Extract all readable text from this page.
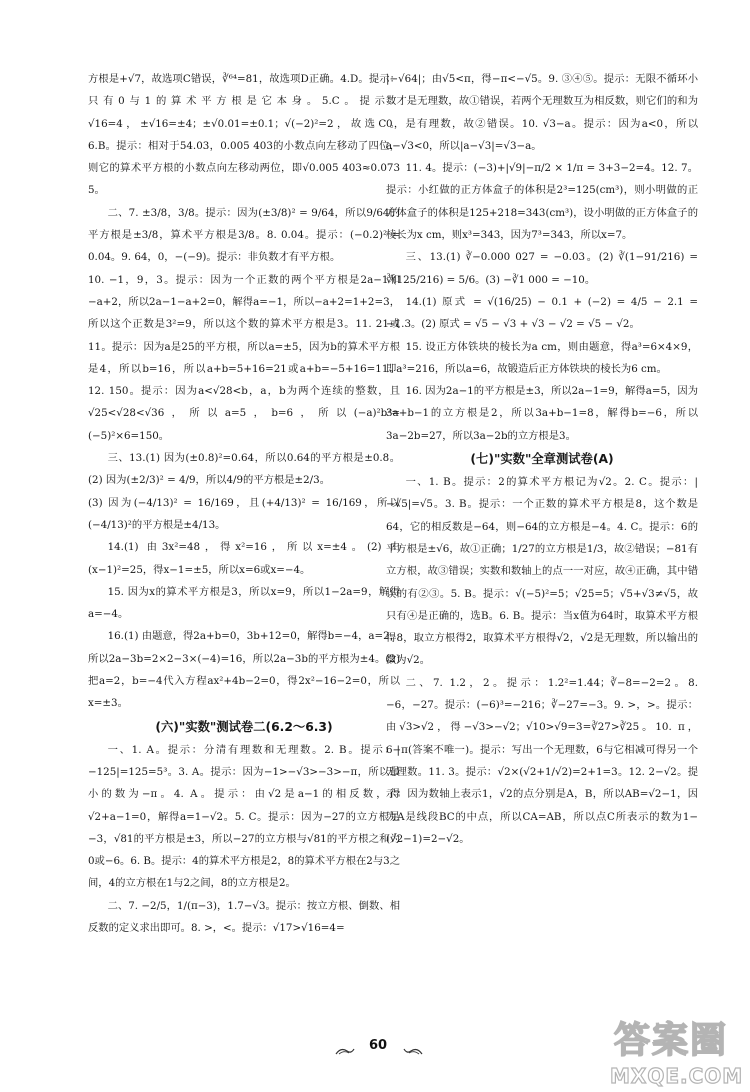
方根是+√7，故选项C错误，∛⁶⁴=81，故选项D正确。4.D。提示：只有0与1的算术平方根是它本身。5.C。提示：√16=4，±√16=±4；±√0.01=±0.1；√(−2)²=2，故选C。6.B。提示：相对于54.03，0.005 403的小数点向左移动了四位，则它的算术平方根的小数点向左移动两位，即√0.005 403≈0.073 5。

二、7. ±3/8，3/8。提示：因为(±3/8)² = 9/64，所以9/64的平方根是±3/8，算术平方根是3/8。8. 0.04。提示：(−0.2)² = 0.04。9. 64，0，−(−9)。提示：非负数才有平方根。

10. −1，9，3。提示：因为一个正数的两个平方根是2a−1和−a+2，所以2a−1−a+2=0，解得a=−1，所以−a+2=1+2=3，所以这个正数是3²=9，所以这个数的算术平方根是3。11. 21或11。提示：因为a是25的平方根，所以a=±5，因为b的算术平方根是4，所以b=16，所以a+b=5+16=21或a+b=−5+16=11。12. 150。提示：因为a<√28<b，a，b为两个连续的整数，且√25<√28<√36，所以a=5，b=6，所以(−a)²b²=(−5)²×6=150。

三、13.(1) 因为(±0.8)²=0.64，所以0.64的平方根是±0.8。(2) 因为(±2/3)² = 4/9，所以4/9的平方根是±2/3。

(3) 因为(−4/13)² = 16/169，且(+4/13)² = 16/169，所以(−4/13)²的平方根是±4/13。

14.(1) 由3x²=48，得x²=16，所以x=±4。(2) 由(x−1)²=25，得x−1=±5，所以x=6或x=−4。

15. 因为x的算术平方根是3，所以x=9，所以1−2a=9，解得a=−4。

16.(1) 由题意，得2a+b=0，3b+12=0，解得b=−4，a=2，所以2a−3b=2×2−3×(−4)=16，所以2a−3b的平方根为±4。(2) 把a=2，b=−4代入方程ax²+4b−2=0，得2x²−16−2=0，所以x=±3。

(六)"实数"测试卷二(6.2～6.3)

一、1. A。提示：分清有理数和无理数。2. B。提示：|−125|=125=5³。3. A。提示：因为−1>−√3>−3>−π，所以最小的数为−π。4. A。提示：由√2是a−1的相反数，得√2+a−1=0，解得a=1−√2。5. C。提示：因为−27的立方根是−3，√81的平方根是±3，所以−27的立方根与√81的平方根之和为0或−6。6. B。提示：4的算术平方根是2，8的算术平方根在2与3之间，4的立方根在1与2之间，8的立方根是2。

二、7. −2/5，1/(π−3)，1.7−√3。提示：按立方根、倒数、相反数的定义求出即可。8. >，<。提示：√17>√16=4=

|−√64|；由√5<π，得−π<−√5。9. ③④⑤。提示：无限不循环小数才是无理数，故①错误，若两个无理数互为相反数，则它们的和为0，是有理数，故②错误。10. √3−a。提示：因为a<0，所以a−√3<0，所以|a−√3|=√3−a。

11. 4。提示：(−3)+|√9|−π/2 × 1/π = 3+3−2=4。12. 7。提示：小红做的正方体盒子的体积是2³=125(cm³)，则小明做的正方体盒子的体积是125+218=343(cm³)，设小明做的正方体盒子的棱长为x cm，则x³=343，因为7³=343，所以x=7。

三、13.(1) ∛−0.000 027 = −0.03。(2) ∛(1−91/216) = ∛(125/216) = 5/6。(3) −∛1 000 = −10。

14.(1) 原式 = √(16/25) − 0.1 + (−2) = 4/5 − 2.1 = −1.3。(2) 原式 = √5 − √3 + √3 − √2 = √5 − √2。

15. 设正方体铁块的棱长为a cm，则由题意，得a³=6×4×9，即a³=216，所以a=6，故锻造后正方体铁块的棱长为6 cm。

16. 因为2a−1的平方根是±3，所以2a−1=9，解得a=5，因为3a+b−1的立方根是2，所以3a+b−1=8，解得b=−6，所以3a−2b=27，所以3a−2b的立方根是3。

(七)"实数"全章测试卷(A)

一、1. B。提示：2的算术平方根记为√2。2. C。提示：|−√5|=√5。3. B。提示：一个正数的算术平方根是8，这个数是64，它的相反数是−64，则−64的立方根是−4。4. C。提示：6的平方根是±√6，故①正确；1/27的立方根是1/3，故②错误；−81有立方根，故③错误；实数和数轴上的点一一对应，故④正确，其中错误的有②③。5. B。提示：√(−5)²=5；√25=5；√5+√3≠√5，故只有④是正确的，选B。6. B。提示：当x值为64时，取算术平方根得8，取立方根得2，取算术平方根得√2，√2是无理数，所以输出的数为√2。

二、7. 1.2，2。提示：1.2²=1.44；∛−8=−2=2。8. −6，−27。提示：(−6)³=−216；∛−27=−3。9. >，>。提示：由√3>√2，得−√3>−√2；√10>√9=3=∛27>∛25。10. π，6−π(答案不唯一)。提示：写出一个无理数，6与它相减可得另一个无理数。11. 3。提示：√2×(√2+1/√2)=2+1=3。12. 2−√2。提示：因为数轴上表示1，√2的点分别是A，B，所以AB=√2−1，因为A是线段BC的中点，所以CA=AB，所以点C所表示的数为1−(√2−1)=2−√2。

60	答案圈
MXQE.COM
